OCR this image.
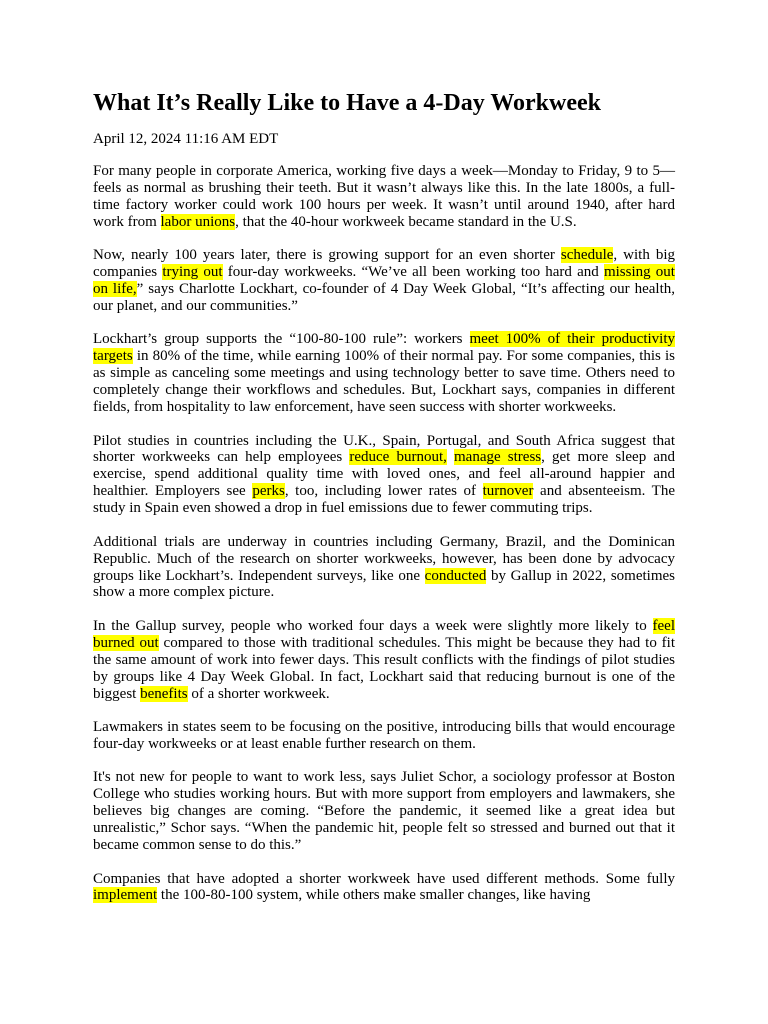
What It’s Really Like to Have a 4-Day Workweek
April 12, 2024 11:16 AM EDT

For many people in corporate America, working five days a week—Monday to Friday, 9 to 5—feels as normal as brushing their teeth. But it wasn’t always like this. In the late 1800s, a full-time factory worker could work 100 hours per week. It wasn’t until around 1940, after hard work from labor unions, that the 40-hour workweek became standard in the U.S.

Now, nearly 100 years later, there is growing support for an even shorter schedule, with big companies trying out four-day workweeks. “We’ve all been working too hard and missing out on life,” says Charlotte Lockhart, co-founder of 4 Day Week Global, “It’s affecting our health, our planet, and our communities.”

Lockhart’s group supports the “100-80-100 rule”: workers meet 100% of their productivity targets in 80% of the time, while earning 100% of their normal pay. For some companies, this is as simple as canceling some meetings and using technology better to save time. Others need to completely change their workflows and schedules. But, Lockhart says, companies in different fields, from hospitality to law enforcement, have seen success with shorter workweeks.

Pilot studies in countries including the U.K., Spain, Portugal, and South Africa suggest that shorter workweeks can help employees reduce burnout, manage stress, get more sleep and exercise, spend additional quality time with loved ones, and feel all-around happier and healthier. Employers see perks, too, including lower rates of turnover and absenteeism. The study in Spain even showed a drop in fuel emissions due to fewer commuting trips.

Additional trials are underway in countries including Germany, Brazil, and the Dominican Republic. Much of the research on shorter workweeks, however, has been done by advocacy groups like Lockhart’s. Independent surveys, like one conducted by Gallup in 2022, sometimes show a more complex picture.

In the Gallup survey, people who worked four days a week were slightly more likely to feel burned out compared to those with traditional schedules. This might be because they had to fit the same amount of work into fewer days. This result conflicts with the findings of pilot studies by groups like 4 Day Week Global. In fact, Lockhart said that reducing burnout is one of the biggest benefits of a shorter workweek.

Lawmakers in states seem to be focusing on the positive, introducing bills that would encourage four-day workweeks or at least enable further research on them.

It's not new for people to want to work less, says Juliet Schor, a sociology professor at Boston College who studies working hours. But with more support from employers and lawmakers, she believes big changes are coming. “Before the pandemic, it seemed like a great idea but unrealistic,” Schor says. “When the pandemic hit, people felt so stressed and burned out that it became common sense to do this.”

Companies that have adopted a shorter workweek have used different methods. Some fully implement the 100-80-100 system, while others make smaller changes, like having
